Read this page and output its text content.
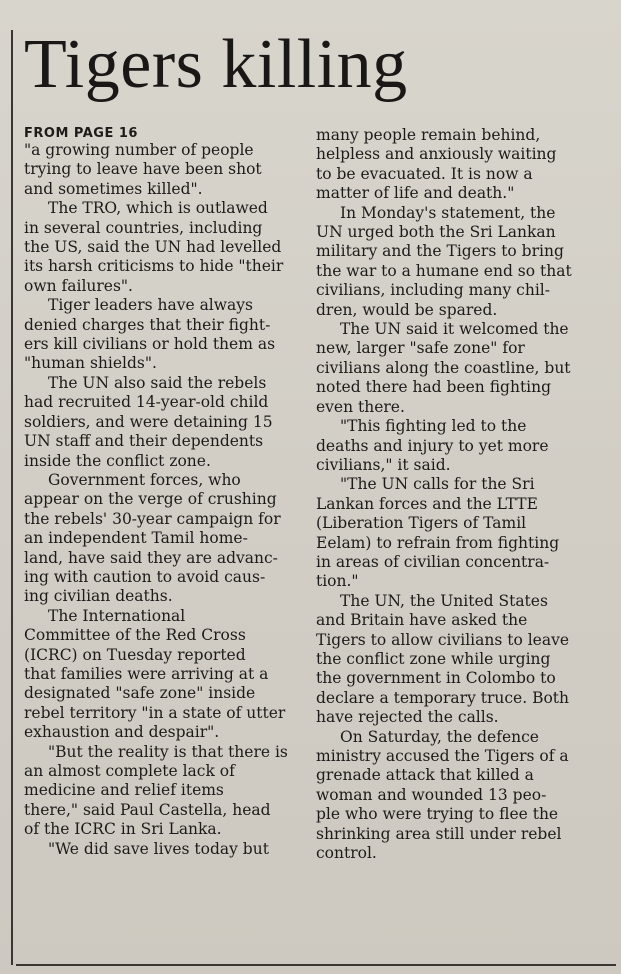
Tigers killing

FROM PAGE 16

"a growing number of people
trying to leave have been shot
and sometimes killed".

The TRO, which is outlawed
in several countries, including
the US, said the UN had levelled
its harsh criticisms to hide "their
own failures".

Tiger leaders have always
denied charges that their fight-
ers kill civilians or hold them as
"human shields".

The UN also said the rebels
had recruited 14-year-old child
soldiers, and were detaining 15
UN staff and their dependents
inside the conflict zone.

Government forces, who
appear on the verge of crushing
the rebels' 30-year campaign for
an independent Tamil home-
land, have said they are advanc-
ing with caution to avoid caus-
ing civilian deaths.

The International
Committee of the Red Cross
(ICRC) on Tuesday reported
that families were arriving at a
designated "safe zone" inside
rebel territory "in a state of utter
exhaustion and despair".

"But the reality is that there is
an almost complete lack of
medicine and relief items
there," said Paul Castella, head
of the ICRC in Sri Lanka.

"We did save lives today but

many people remain behind,
helpless and anxiously waiting
to be evacuated. It is now a
matter of life and death."

In Monday's statement, the
UN urged both the Sri Lankan
military and the Tigers to bring
the war to a humane end so that
civilians, including many chil-
dren, would be spared.

The UN said it welcomed the
new, larger "safe zone" for
civilians along the coastline, but
noted there had been fighting
even there.

"This fighting led to the
deaths and injury to yet more
civilians," it said.

"The UN calls for the Sri
Lankan forces and the LTTE
(Liberation Tigers of Tamil
Eelam) to refrain from fighting
in areas of civilian concentra-
tion."

The UN, the United States
and Britain have asked the
Tigers to allow civilians to leave
the conflict zone while urging
the government in Colombo to
declare a temporary truce. Both
have rejected the calls.

On Saturday, the defence
ministry accused the Tigers of a
grenade attack that killed a
woman and wounded 13 peo-
ple who were trying to flee the
shrinking area still under rebel
control.
